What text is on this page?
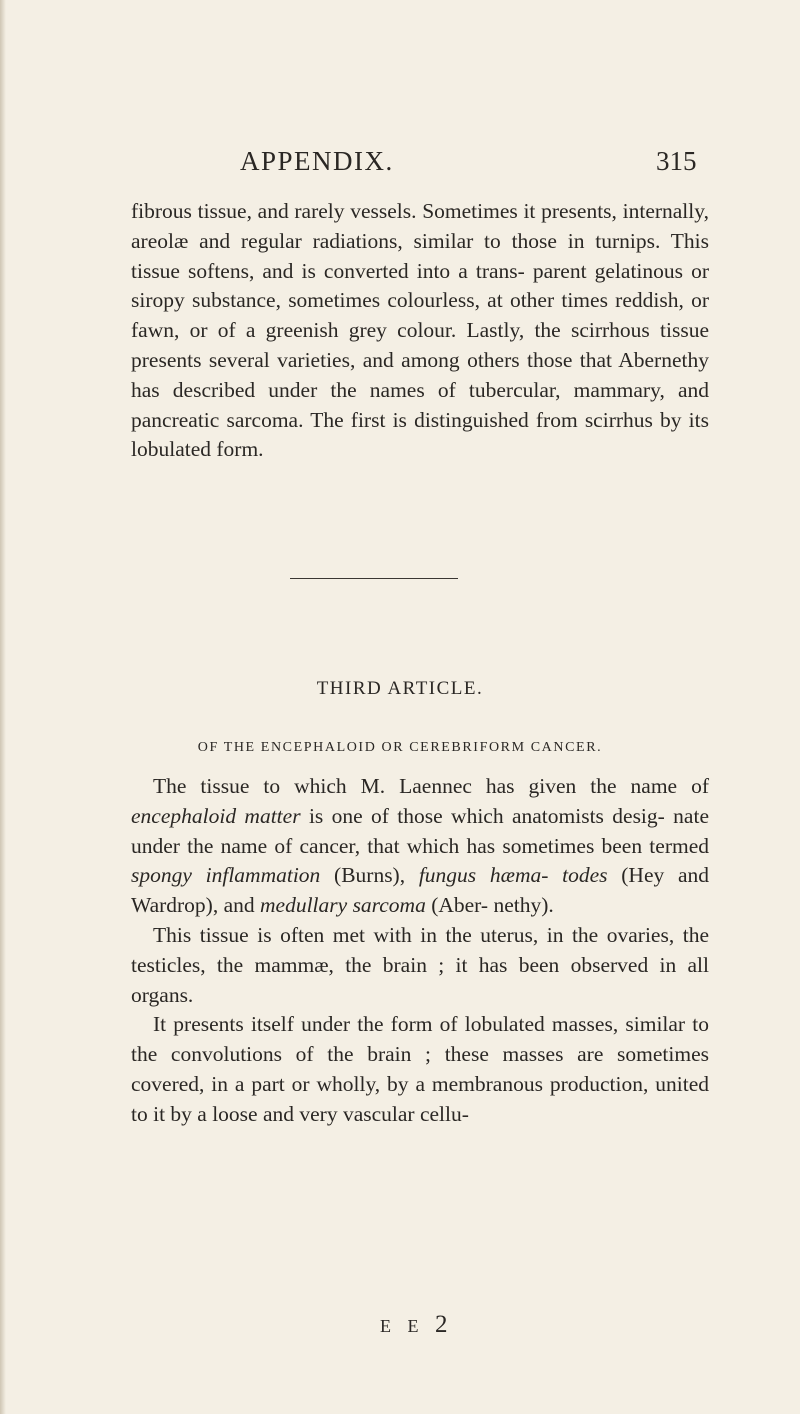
APPENDIX.	315

fibrous tissue, and rarely vessels. Sometimes it presents, internally, areolæ and regular radiations, similar to those in turnips. This tissue softens, and is converted into a trans- parent gelatinous or siropy substance, sometimes colourless, at other times reddish, or fawn, or of a greenish grey colour. Lastly, the scirrhous tissue presents several varieties, and among others those that Abernethy has described under the names of tubercular, mammary, and pancreatic sarcoma. The first is distinguished from scirrhus by its lobulated form.

THIRD ARTICLE.
OF THE ENCEPHALOID OR CEREBRIFORM CANCER.

The tissue to which M. Laennec has given the name of encephaloid matter is one of those which anatomists desig- nate under the name of cancer, that which has sometimes been termed spongy inflammation (Burns), fungus hæma- todes (Hey and Wardrop), and medullary sarcoma (Aber- nethy).

This tissue is often met with in the uterus, in the ovaries, the testicles, the mammæ, the brain ; it has been observed in all organs.

It presents itself under the form of lobulated masses, similar to the convolutions of the brain ; these masses are sometimes covered, in a part or wholly, by a membranous production, united to it by a loose and very vascular cellu-

E E 2
